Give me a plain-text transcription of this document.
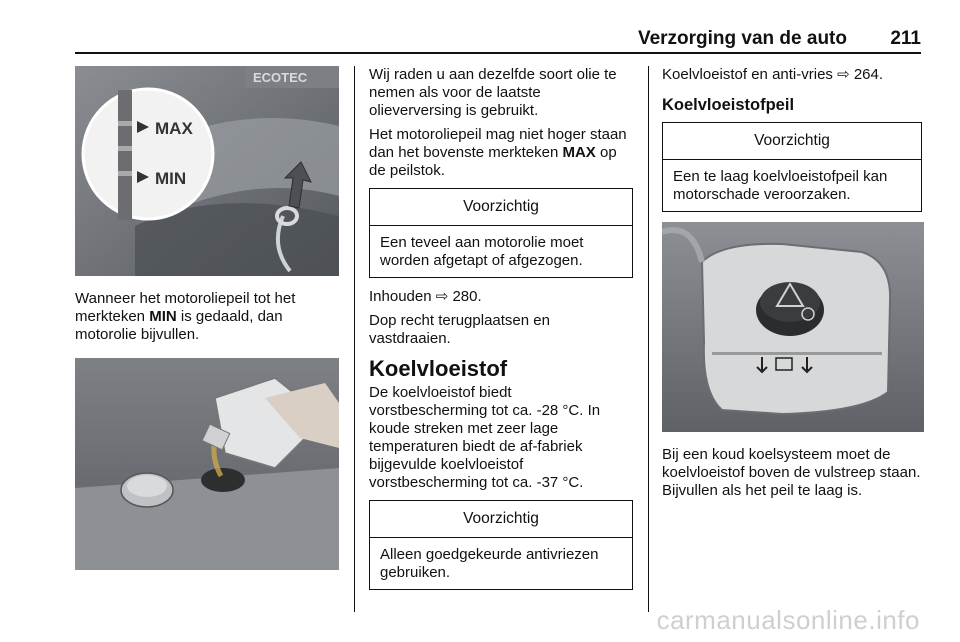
Verzorging van de auto 211
ECOTEC
MAX
MIN

Wanneer het motoroliepeil tot het merkteken MIN is gedaald, dan motorolie bijvullen.

Wij raden u aan dezelfde soort olie te nemen als voor de laatste olieverversing is gebruikt.

Het motoroliepeil mag niet hoger staan dan het bovenste merkteken MAX op de peilstok.

Voorzichtig
Een teveel aan motorolie moet worden afgetapt of afgezogen.

Inhouden ⇨ 280.

Dop recht terugplaatsen en vastdraaien.

Koelvloeistof

De koelvloeistof biedt vorstbescherming tot ca. -28 °C. In koude streken met zeer lage temperaturen biedt de af-fabriek bijgevulde koelvloeistof vorstbescherming tot ca. -37 °C.

Voorzichtig
Alleen goedgekeurde antivriezen gebruiken.

Koelvloeistof en anti-vries ⇨ 264.

Koelvloeistofpeil
Voorzichtig
Een te laag koelvloeistofpeil kan motorschade veroorzaken.

Bij een koud koelsysteem moet de koelvloeistof boven de vulstreep staan. Bijvullen als het peil te laag is.

carmanualsonline.info
